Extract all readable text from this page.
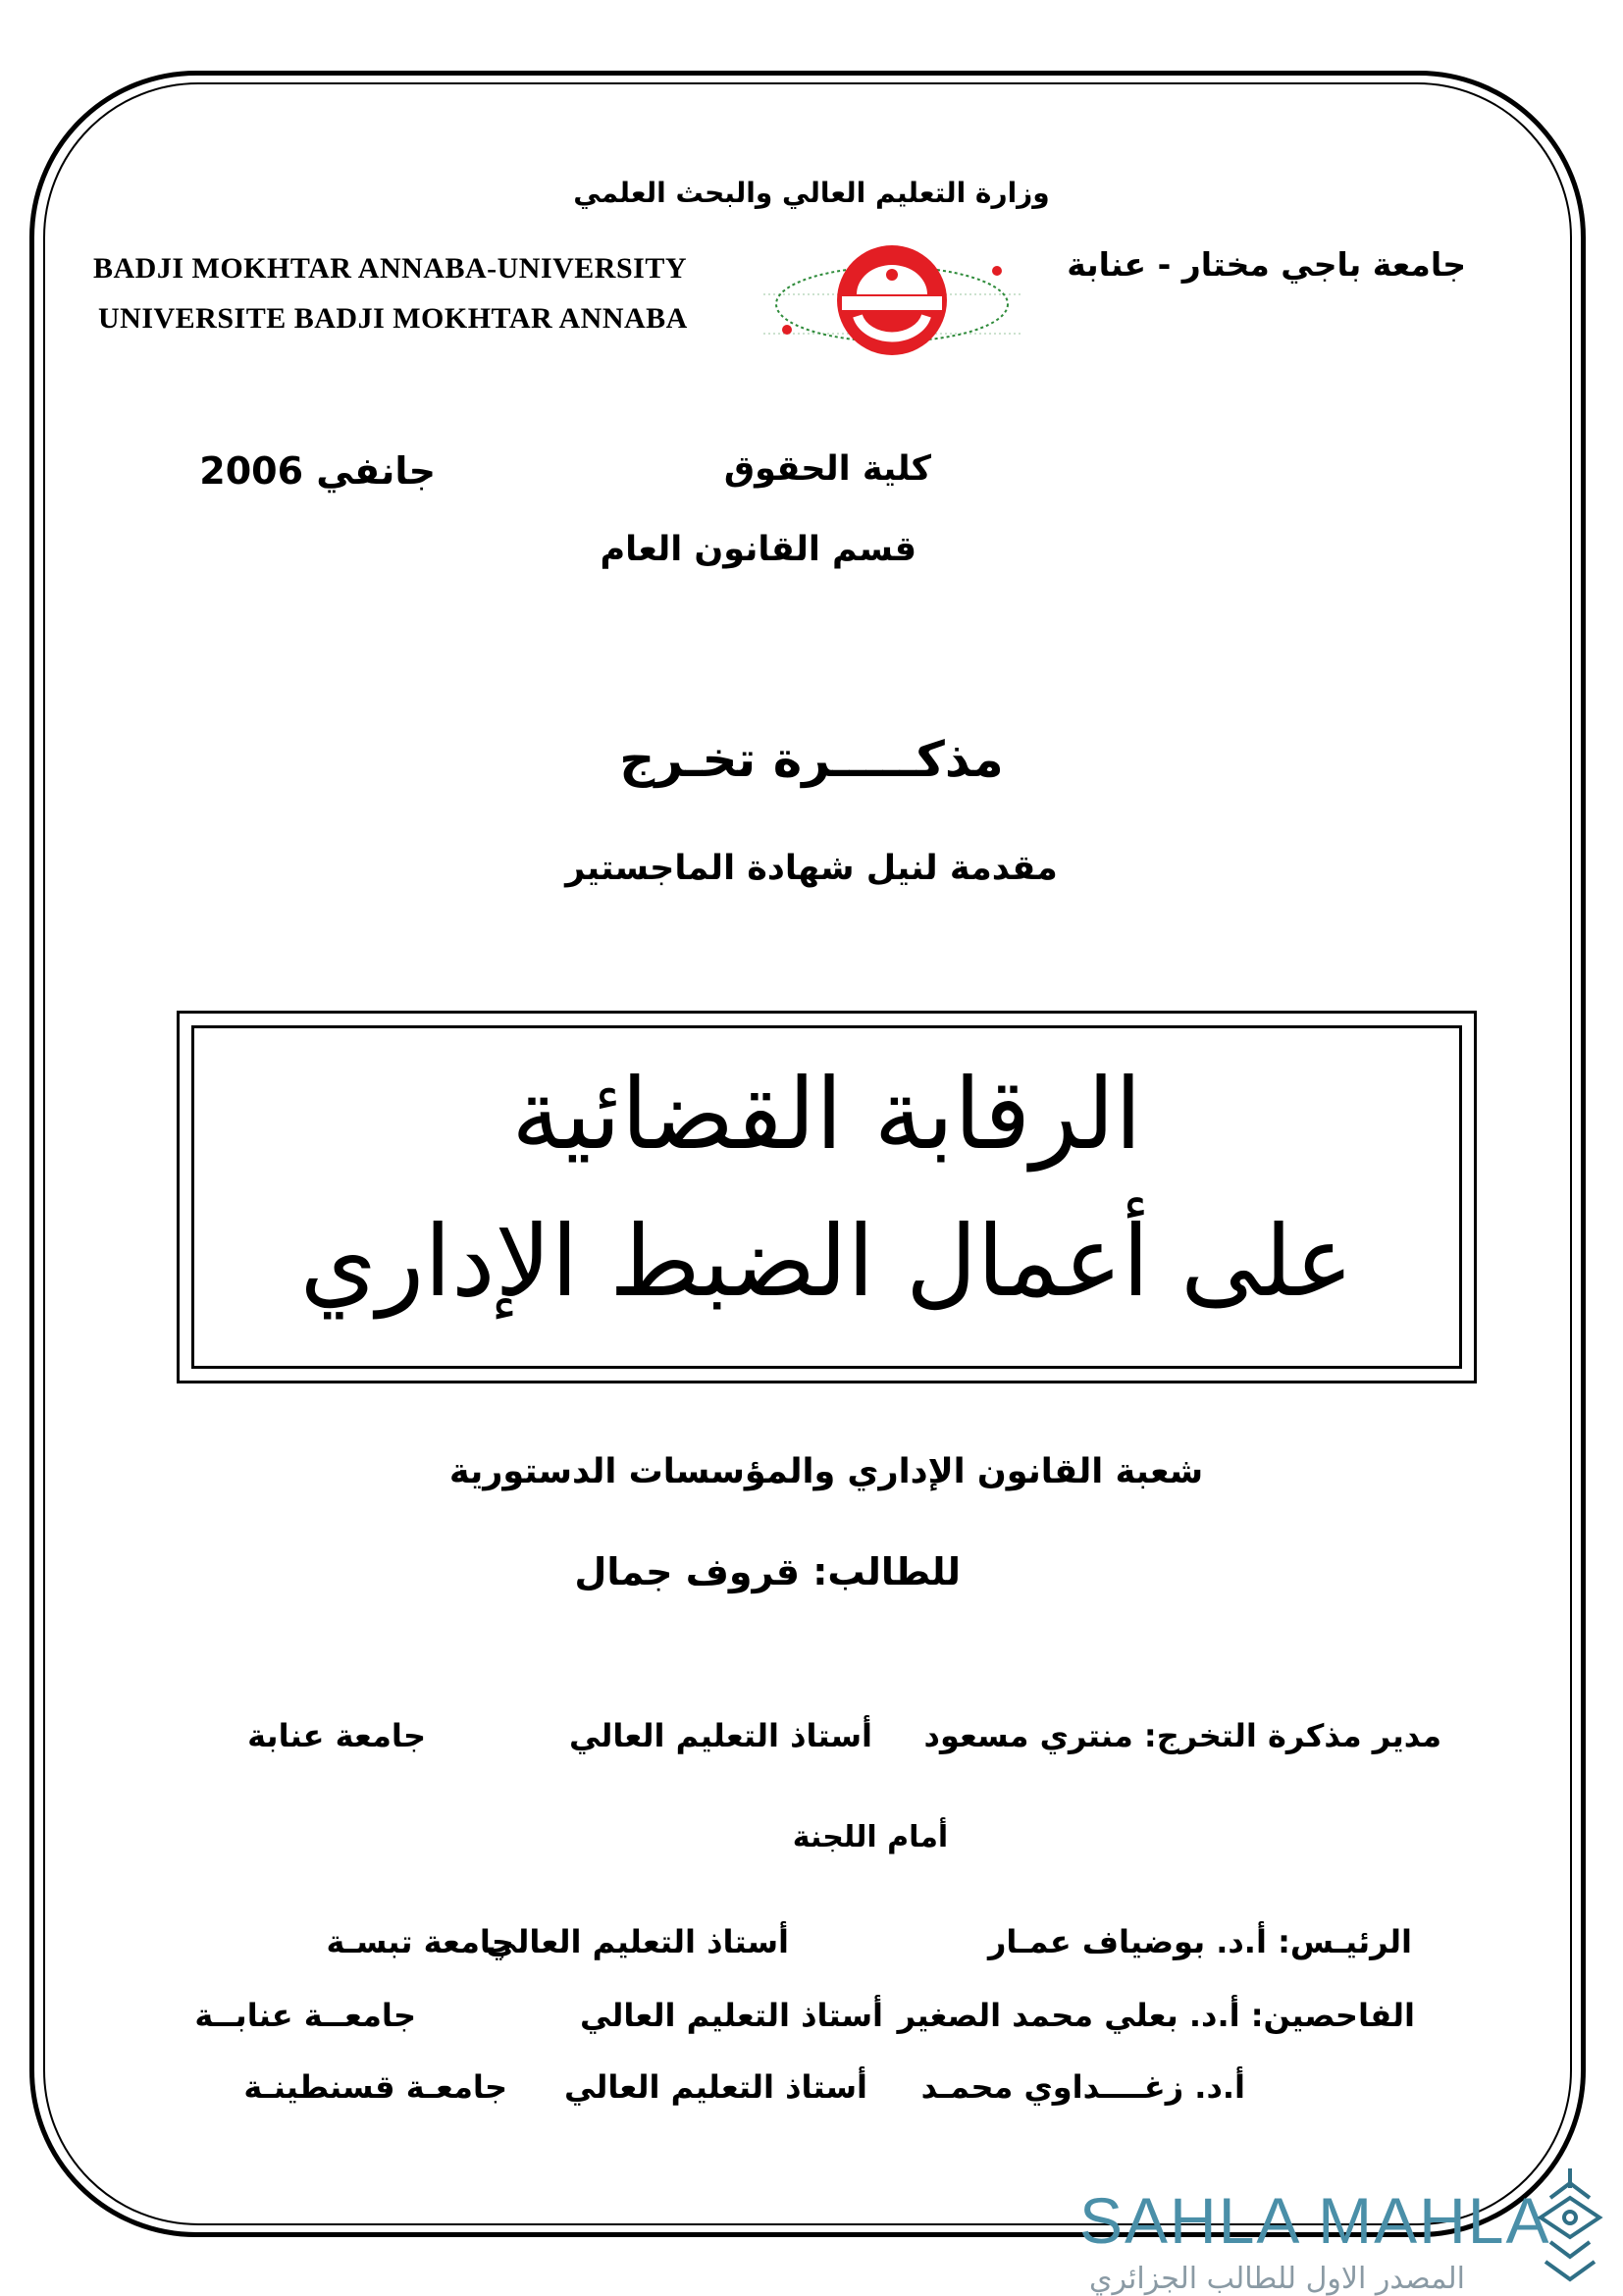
وزارة التعليم العالي والبحث العلمي
جامعة باجي مختار - عنابة
BADJI MOKHTAR ANNABA-UNIVERSITY
UNIVERSITE BADJI MOKHTAR ANNABA
كلية الحقوق
جانفي 2006
قسم القانون العام
مذكـــــرة تخـرج
مقدمة لنيل شهادة الماجستير
الرقابة القضائية
على أعمال الضبط الإداري
شعبة القانون الإداري والمؤسسات الدستورية
للطالب: قروف جمال
مدير مذكرة التخرج: منتري مسعود
أستاذ التعليم العالي
جامعة عنابة
أمام اللجنة
الرئيـس: أ.د. بوضياف عمـار
أستاذ التعليم العالي
جامعة تبسـة
الفاحصين: أ.د. بعلي محمد الصغير
أستاذ التعليم العالي
جامعــة عنابــة
أ.د. زغــــداوي محمـد
أستاذ التعليم العالي
جامعـة قسنطينـة
SAHLA MAHLA
المصدر الاول للطالب الجزائري
